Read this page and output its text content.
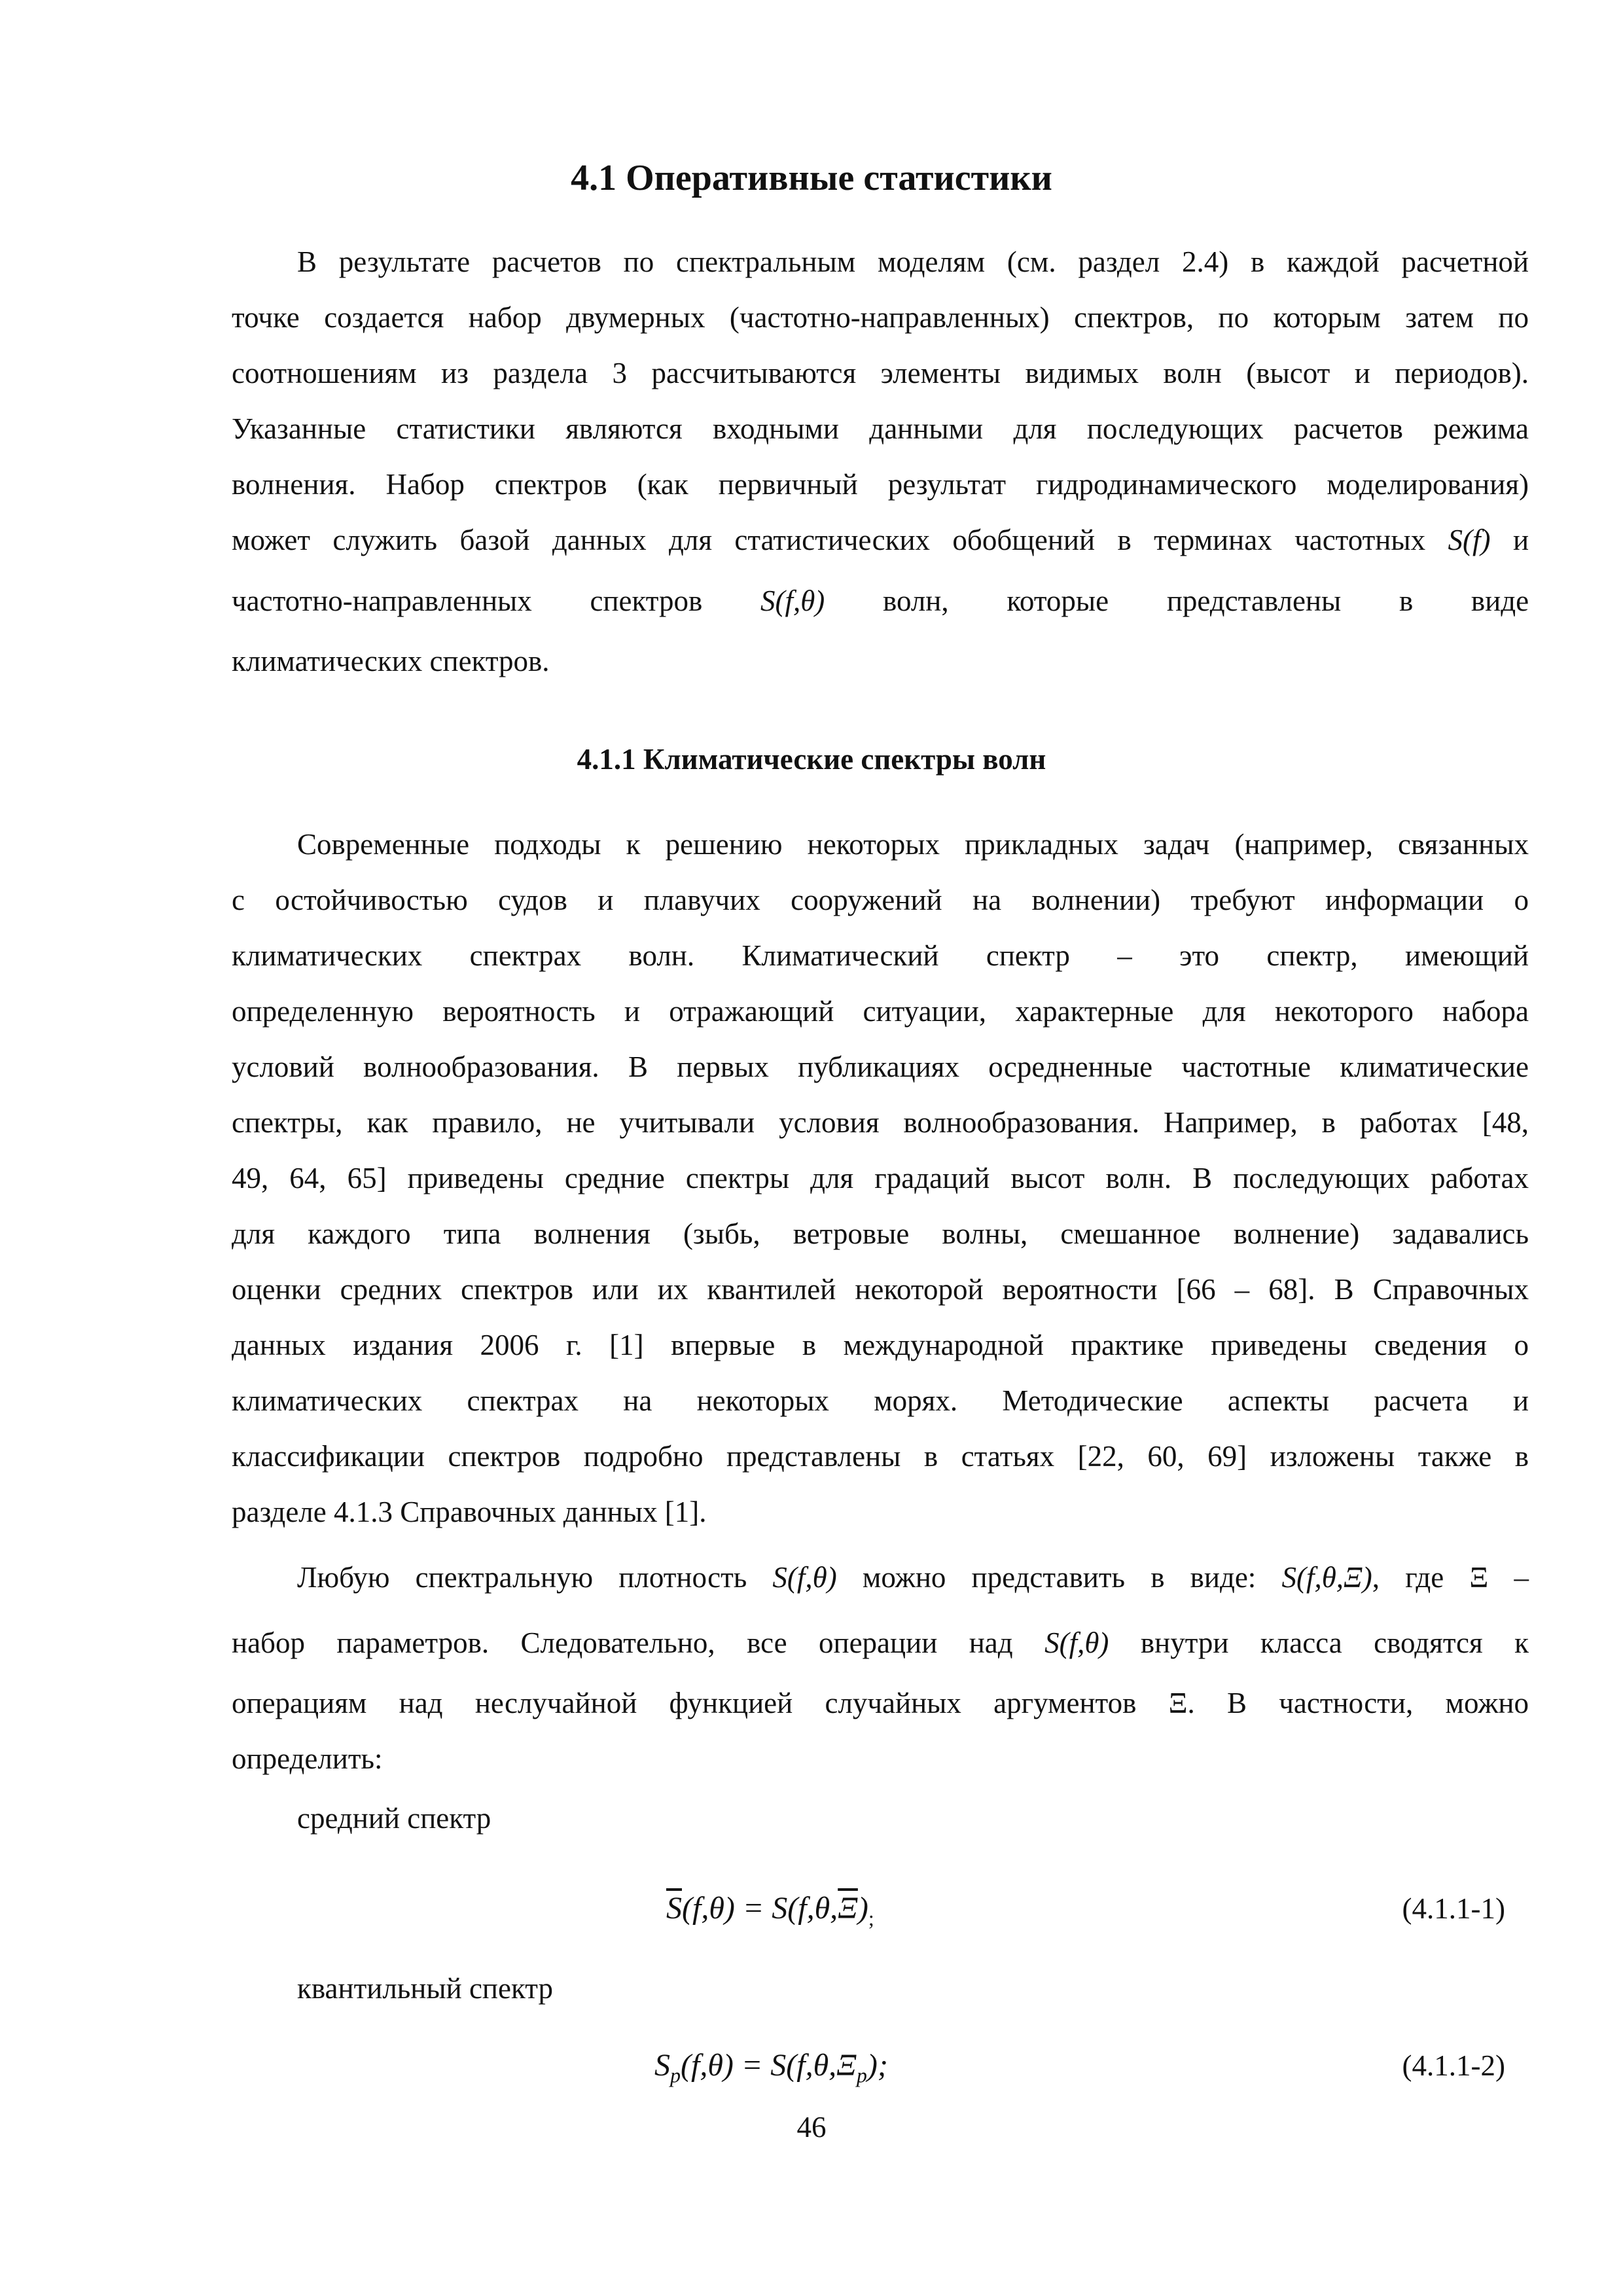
4.1 Оперативные статистики
В результате расчетов по спектральным моделям (см. раздел 2.4) в каждой расчетной
точке создается набор двумерных (частотно-направленных) спектров, по которым затем по
соотношениям из раздела 3 рассчитываются элементы видимых волн (высот и периодов).
Указанные статистики являются входными данными для последующих расчетов режима
волнения. Набор спектров (как первичный результат гидродинамического моделирования)
может служить базой данных для статистических обобщений в терминах частотных S(f) и
частотно-направленных спектров S(f,θ) волн, которые представлены в виде
климатических спектров.
4.1.1 Климатические спектры волн
Современные подходы к решению некоторых прикладных задач (например, связанных
с остойчивостью судов и плавучих сооружений на волнении) требуют информации о
климатических спектрах волн. Климатический спектр – это спектр, имеющий
определенную вероятность и отражающий ситуации, характерные для некоторого набора
условий волнообразования. В первых публикациях осредненные частотные климатические
спектры, как правило, не учитывали условия волнообразования. Например, в работах [48,
49, 64, 65] приведены средние спектры для градаций высот волн. В последующих работах
для каждого типа волнения (зыбь, ветровые волны, смешанное волнение) задавались
оценки средних спектров или их квантилей некоторой вероятности [66 – 68]. В Справочных
данных издания 2006 г. [1] впервые в международной практике приведены сведения о
климатических спектрах на некоторых морях. Методические аспекты расчета и
классификации спектров подробно представлены в статьях [22, 60, 69] изложены также в
разделе 4.1.3 Справочных данных [1].
Любую спектральную плотность S(f,θ) можно представить в виде: S(f,θ,Ξ), где Ξ –
набор параметров. Следовательно, все операции над S(f,θ) внутри класса сводятся к
операциям над неслучайной функцией случайных аргументов Ξ. В частности, можно
определить:
средний спектр
$\overline{S}(f,\theta) = S(f,\theta,\overline{\Xi})_;$	(4.1.1-1)
квантильный спектр
$S_p(f,\theta) = S(f,\theta,\Xi_p)$;	(4.1.1-2)
46
